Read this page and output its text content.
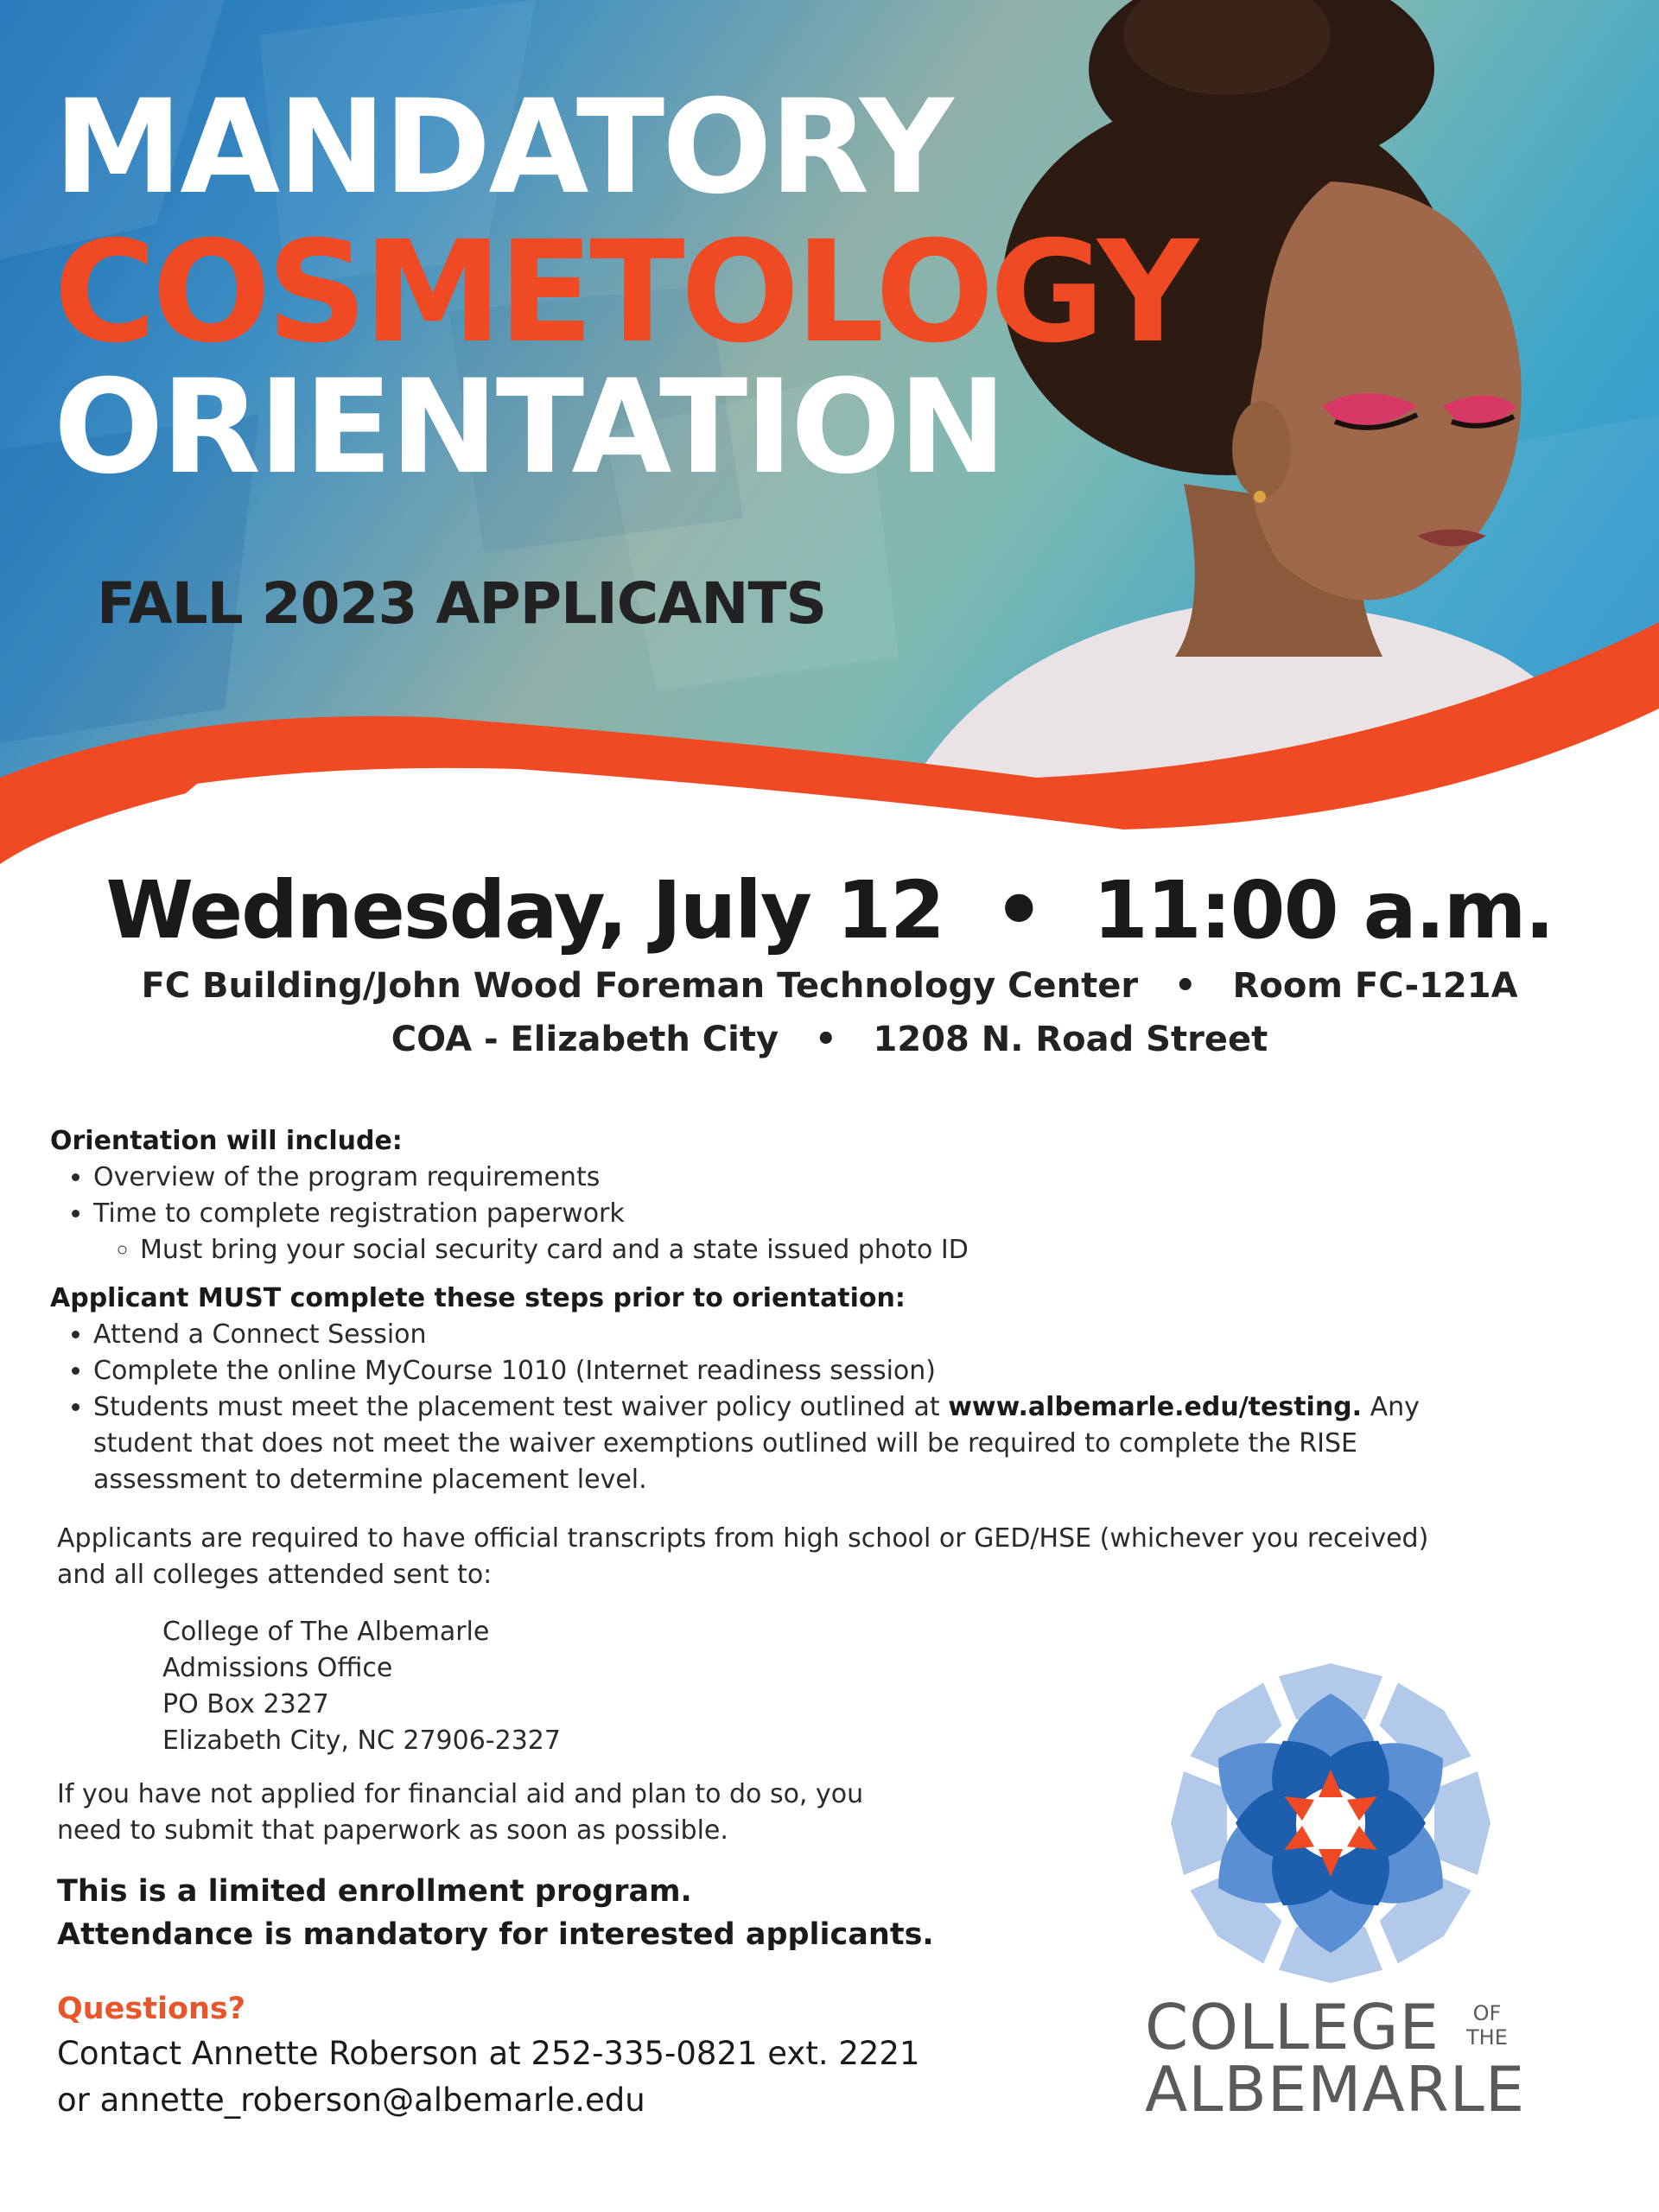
MANDATORY
COSMETOLOGY
ORIENTATION
FALL 2023 APPLICANTS
Wednesday, July 12 • 11:00 a.m.

FC Building/John Wood Foreman Technology Center • Room FC-121A

COA - Elizabeth City • 1208 N. Road Street

Orientation will include:

• Overview of the program requirements
• Time to complete registration paperwork
◦ Must bring your social security card and a state issued photo ID

Applicant MUST complete these steps prior to orientation:

• Attend a Connect Session
• Complete the online MyCourse 1010 (Internet readiness session)
• Students must meet the placement test waiver policy outlined at www.albemarle.edu/testing. Any student that does not meet the waiver exemptions outlined will be required to complete the RISE assessment to determine placement level.

Applicants are required to have official transcripts from high school or GED/HSE (whichever you received) and all colleges attended sent to:

College of The Albemarle
Admissions Office
PO Box 2327
Elizabeth City, NC 27906-2327

If you have not applied for financial aid and plan to do so, you need to submit that paperwork as soon as possible.

This is a limited enrollment program.
Attendance is mandatory for interested applicants.
Questions?
Contact Annette Roberson at 252-335-0821 ext. 2221
or annette_roberson@albemarle.edu
COLLEGE	OF
THE
ALBEMARLE
